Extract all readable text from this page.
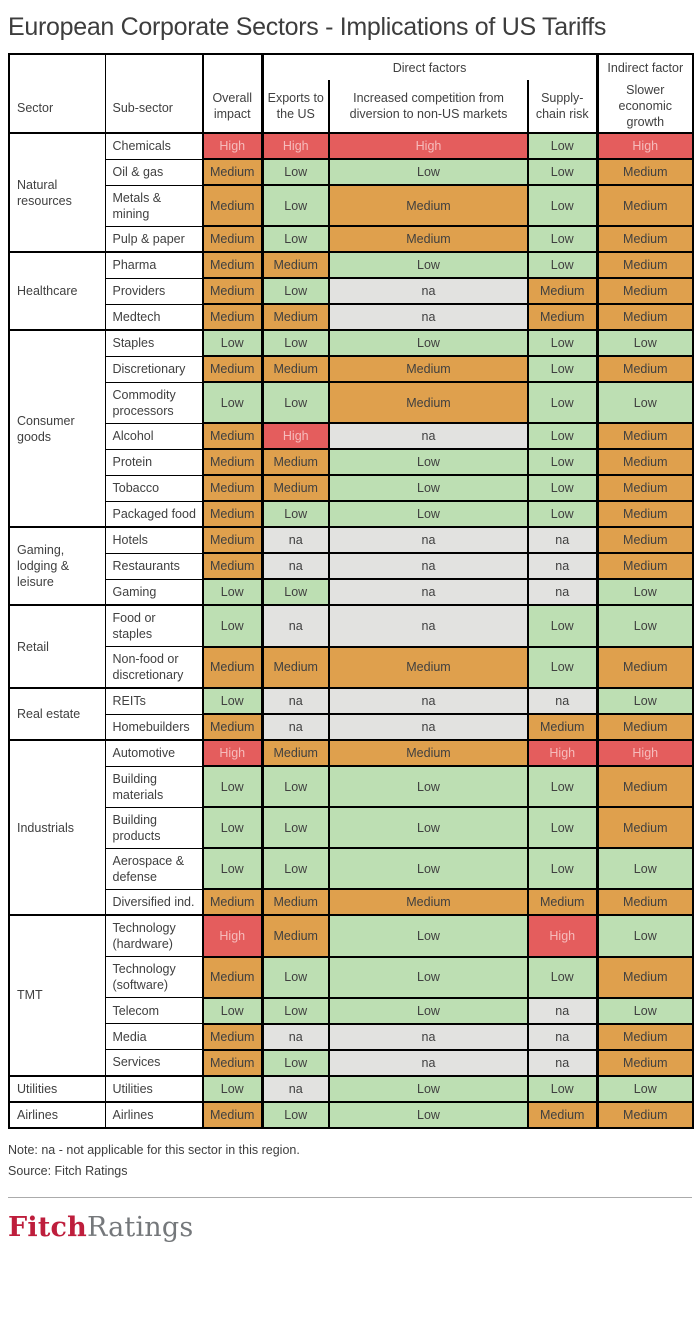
European Corporate Sectors - Implications of US Tariffs
Sector	Sub-sector	Overall impact	Direct factors			Indirect factor
			Exports to the US	Increased competition from diversion to non-US markets	Supply-chain risk	Slower economic growth
Natural resources	Chemicals	High	High	High	Low	High
	Oil & gas	Medium	Low	Low	Low	Medium
	Metals & mining	Medium	Low	Medium	Low	Medium
	Pulp & paper	Medium	Low	Medium	Low	Medium
Healthcare	Pharma	Medium	Medium	Low	Low	Medium
	Providers	Medium	Low	na	Medium	Medium
	Medtech	Medium	Medium	na	Medium	Medium
Consumer goods	Staples	Low	Low	Low	Low	Low
	Discretionary	Medium	Medium	Medium	Low	Medium
	Commodity processors	Low	Low	Medium	Low	Low
	Alcohol	Medium	High	na	Low	Medium
	Protein	Medium	Medium	Low	Low	Medium
	Tobacco	Medium	Medium	Low	Low	Medium
	Packaged food	Medium	Low	Low	Low	Medium
Gaming, lodging & leisure	Hotels	Medium	na	na	na	Medium
	Restaurants	Medium	na	na	na	Medium
	Gaming	Low	Low	na	na	Low
Retail	Food or staples	Low	na	na	Low	Low
	Non-food or discretionary	Medium	Medium	Medium	Low	Medium
Real estate	REITs	Low	na	na	na	Low
	Homebuilders	Medium	na	na	Medium	Medium
Industrials	Automotive	High	Medium	Medium	High	High
	Building materials	Low	Low	Low	Low	Medium
	Building products	Low	Low	Low	Low	Medium
	Aerospace & defense	Low	Low	Low	Low	Low
	Diversified ind.	Medium	Medium	Medium	Medium	Medium
TMT	Technology (hardware)	High	Medium	Low	High	Low
	Technology (software)	Medium	Low	Low	Low	Medium
	Telecom	Low	Low	Low	na	Low
	Media	Medium	na	na	na	Medium
	Services	Medium	Low	na	na	Medium
Utilities	Utilities	Low	na	Low	Low	Low
Airlines	Airlines	Medium	Low	Low	Medium	Medium
Note: na - not applicable for this sector in this region.
Source: Fitch Ratings
FitchRatings
